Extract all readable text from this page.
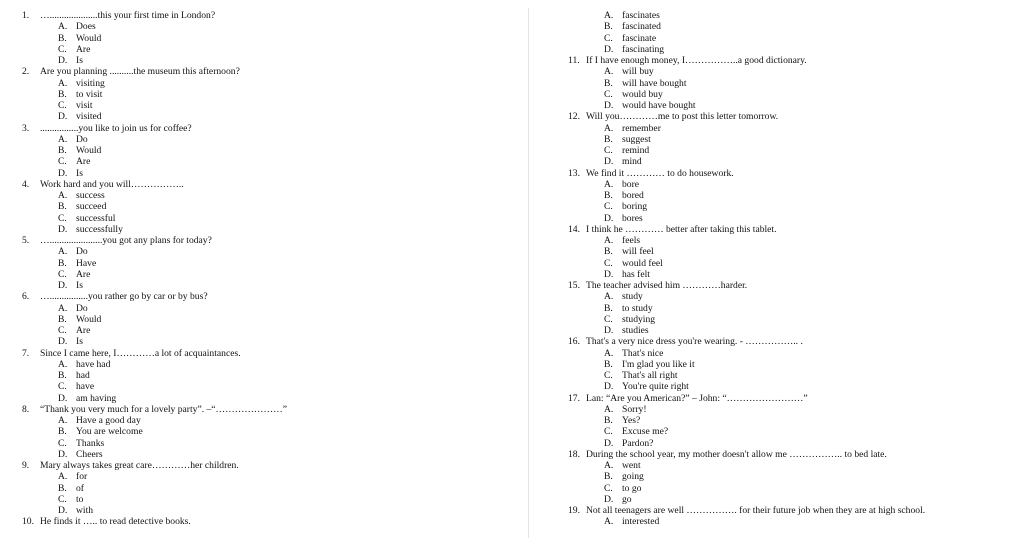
1. …....................this your first time in London?
A. Does
B. Would
C. Are
D. Is
2. Are you planning ..........the museum this afternoon?
A. visiting
B. to visit
C. visit
D. visited
3. ................you like to join us for coffee?
A. Do
B. Would
C. Are
D. Is
4. Work hard and you will……………..
A. success
B. succeed
C. successful
D. successfully
5. …......................you got any plans for today?
A. Do
B. Have
C. Are
D. Is
6. …................you rather go by car or by bus?
A. Do
B. Would
C. Are
D. Is
7. Since I came here, I…………a lot of acquaintances.
A. have had
B. had
C. have
D. am having
8. “Thank you very much for a lovely party”. –“…………………”
A. Have a good day
B. You are welcome
C. Thanks
D. Cheers
9. Mary always takes great care…………her children.
A. for
B. of
C. to
D. with
10. He finds it ….. to read detective books.
A. fascinates
B. fascinated
C. fascinate
D. fascinating
11. If I have enough money, I……………..a good dictionary.
A. will buy
B. will have bought
C. would buy
D. would have bought
12. Will you…………me to post this letter tomorrow.
A. remember
B. suggest
C. remind
D. mind
13. We find it ………… to do housework.
A. bore
B. bored
C. boring
D. bores
14. I think he ………… better after taking this tablet.
A. feels
B. will feel
C. would feel
D. has felt
15. The teacher advised him …………harder.
A. study
B. to study
C. studying
D. studies
16. That's a very nice dress you're wearing. - …………….. .
A. That's nice
B. I'm glad you like it
C. That's all right
D. You're quite right
17. Lan: “Are you American?” – John: “……………………”
A. Sorry!
B. Yes?
C. Excuse me?
D. Pardon?
18. During the school year, my mother doesn't allow me …………….. to bed late.
A. went
B. going
C. to go
D. go
19. Not all teenagers are well ……………. for their future job when they are at high school.
A. interested
